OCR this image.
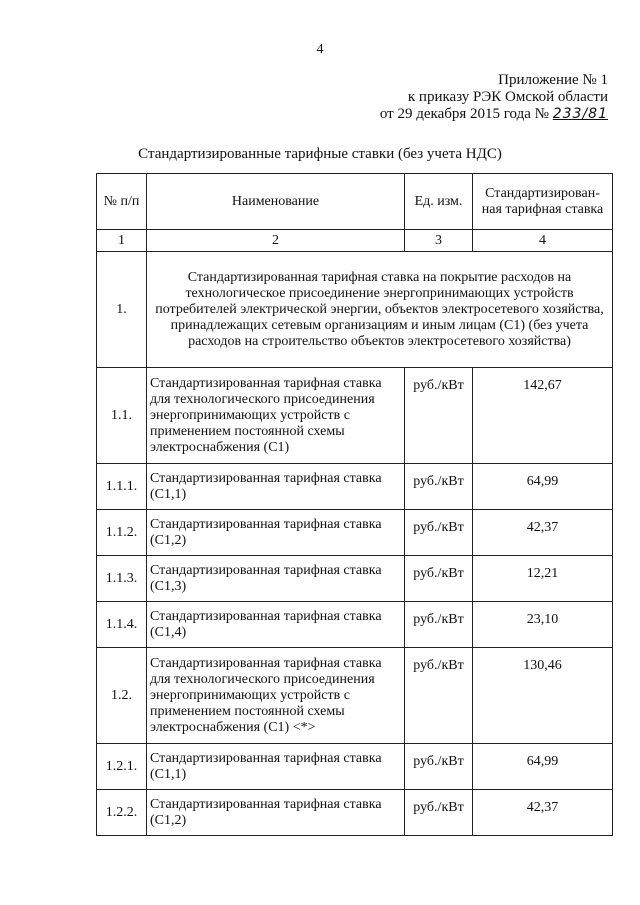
4
Приложение № 1
к приказу РЭК Омской области
от 29 декабря 2015 года № 233/81
Стандартизированные тарифные ставки (без учета НДС)
№ п/п	Наименование	Ед. изм.	Стандартизирован-ная тарифная ставка
1	2	3	4
1.	Стандартизированная тарифная ставка на покрытие расходов на технологическое присоединение энергопринимающих устройств потребителей электрической энергии, объектов электросетевого хозяйства, принадлежащих сетевым организациям и иным лицам (С1) (без учета расходов на строительство объектов электросетевого хозяйства)		
1.1.	Стандартизированная тарифная ставка для технологического присоединения энергопринимающих устройств с применением постоянной схемы электроснабжения (С1)	руб./кВт	142,67
1.1.1.	Стандартизированная тарифная ставка (С1,1)	руб./кВт	64,99
1.1.2.	Стандартизированная тарифная ставка (С1,2)	руб./кВт	42,37
1.1.3.	Стандартизированная тарифная ставка (С1,3)	руб./кВт	12,21
1.1.4.	Стандартизированная тарифная ставка (С1,4)	руб./кВт	23,10
1.2.	Стандартизированная тарифная ставка для технологического присоединения энергопринимающих устройств с применением постоянной схемы электроснабжения (С1) <*>	руб./кВт	130,46
1.2.1.	Стандартизированная тарифная ставка (С1,1)	руб./кВт	64,99
1.2.2.	Стандартизированная тарифная ставка (С1,2)	руб./кВт	42,37
